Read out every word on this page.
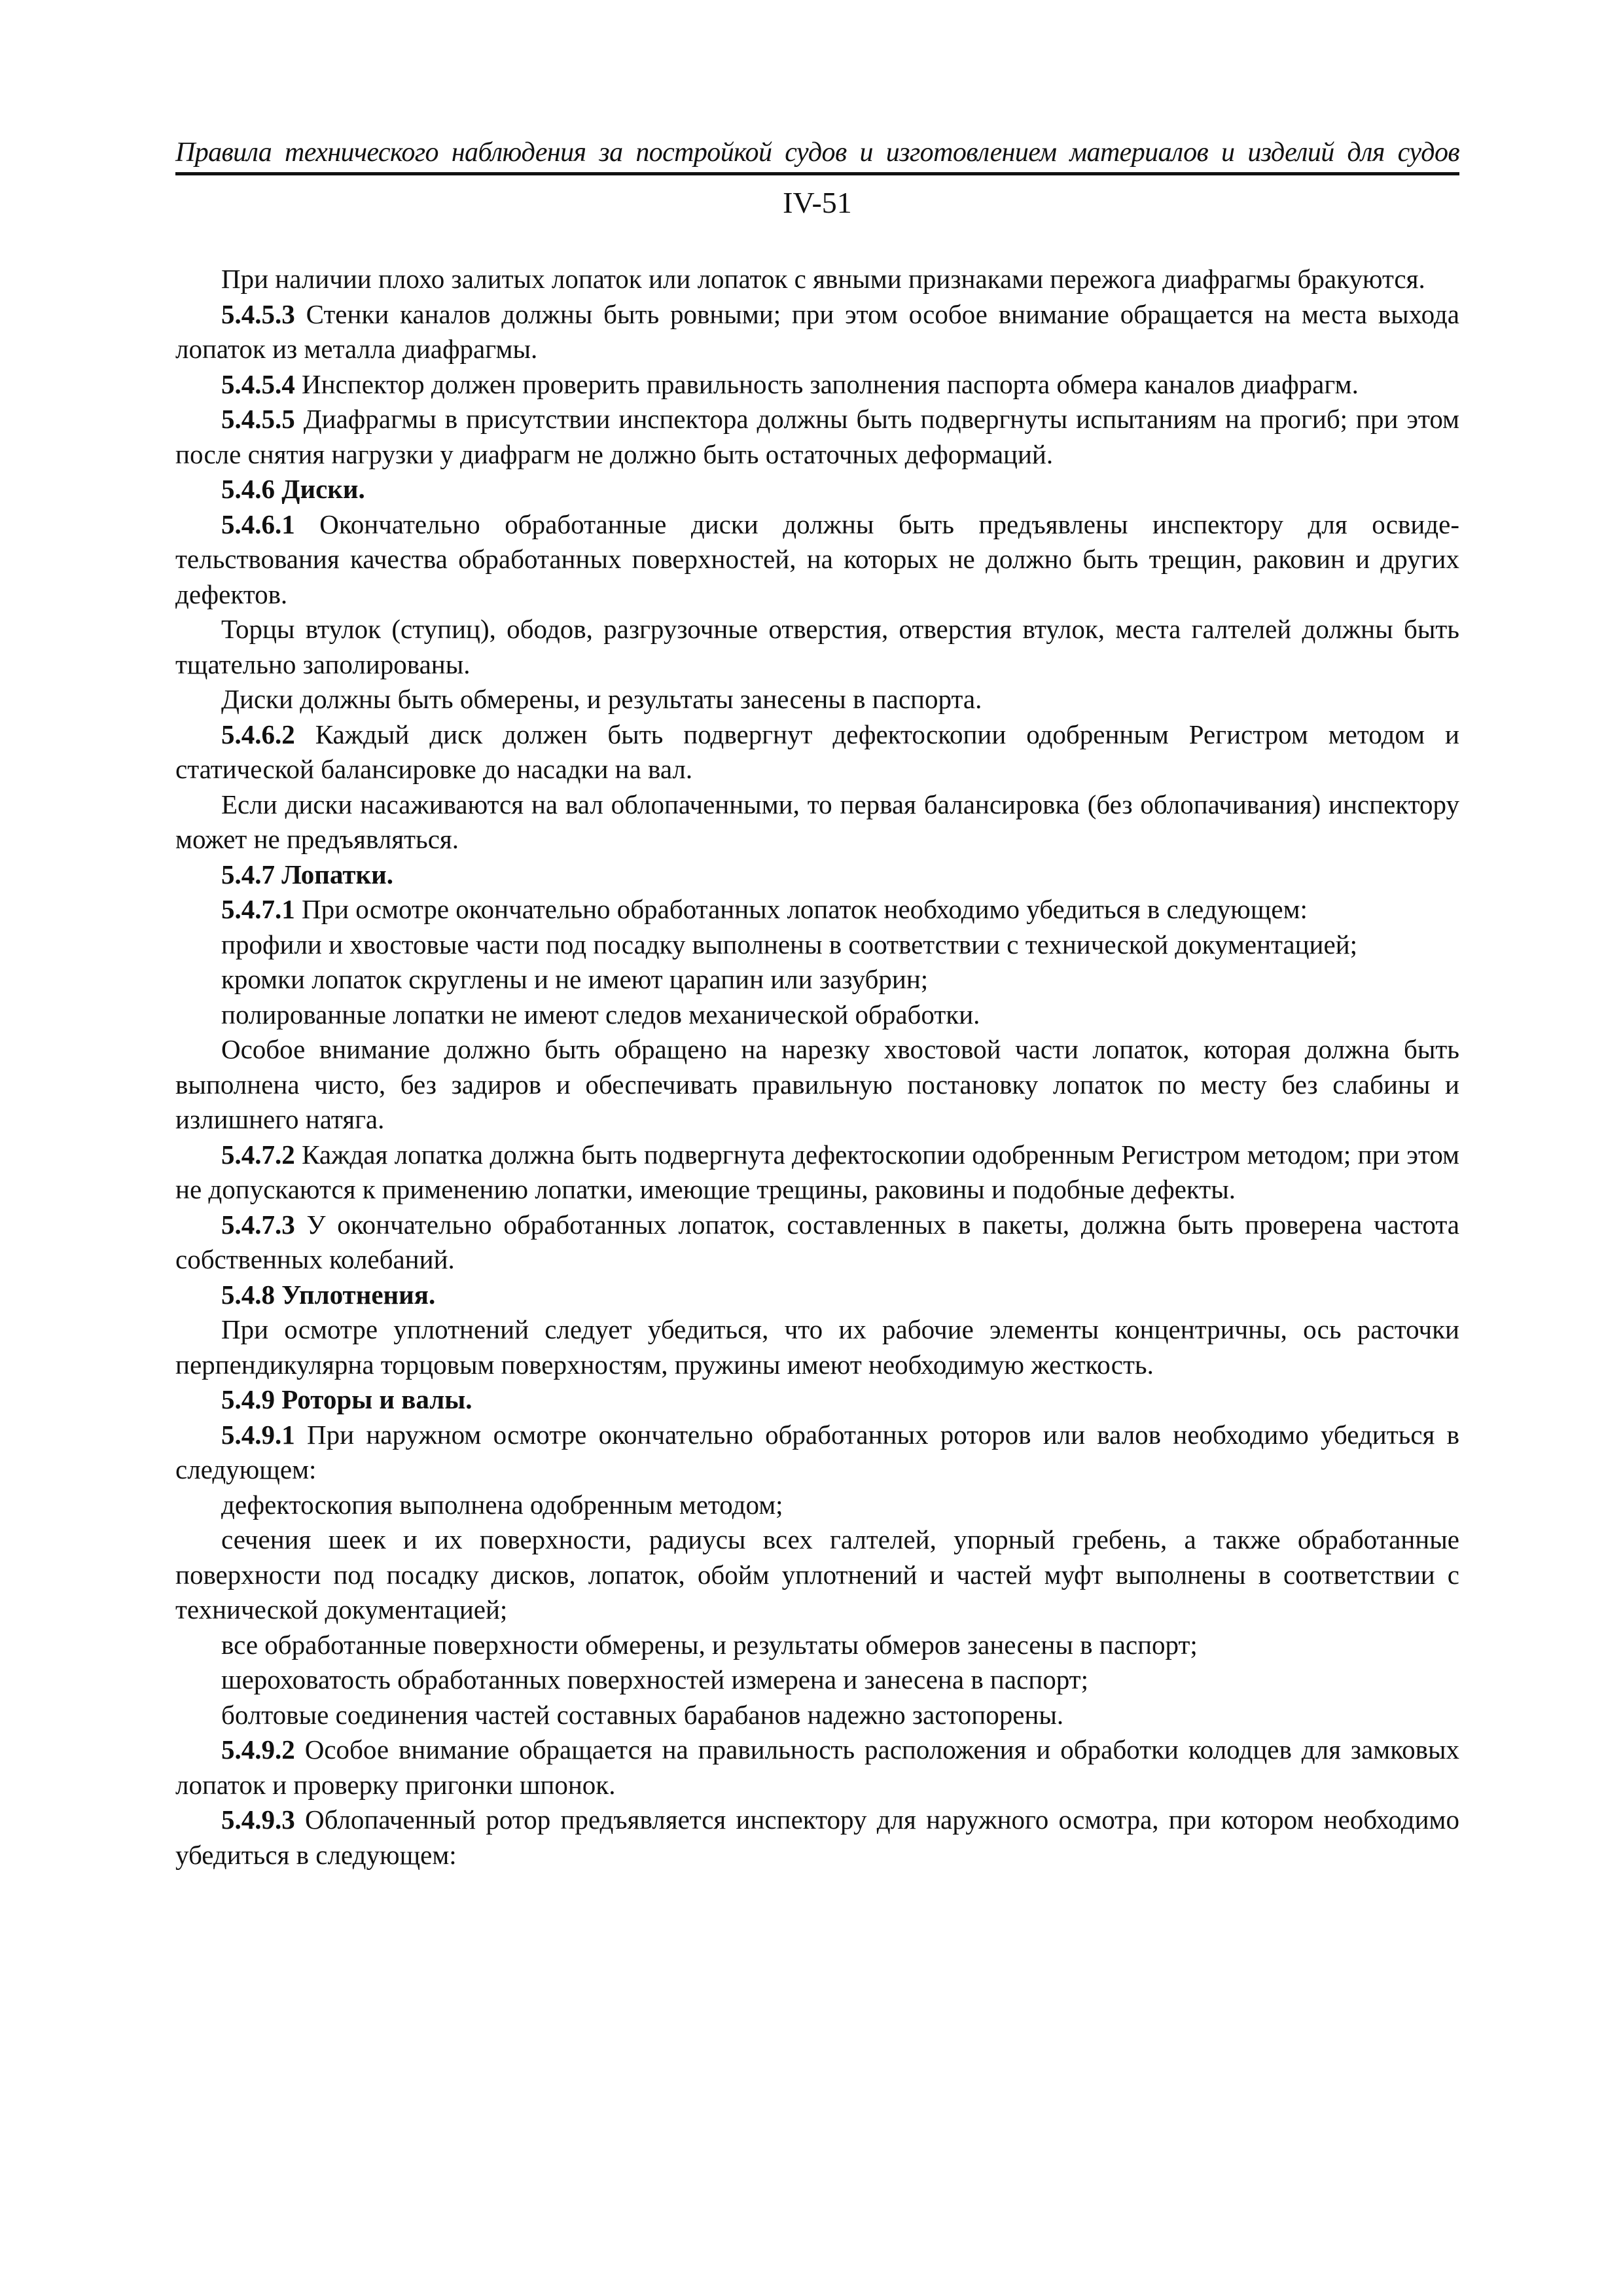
Правила технического наблюдения за постройкой судов и изготовлением материалов и изделий для судов
IV-51

При наличии плохо залитых лопаток или лопаток с явными признаками пережога диафрагмы бракуются.

5.4.5.3 Стенки каналов должны быть ровными; при этом особое внимание обращается на места выхода лопаток из металла диафрагмы.

5.4.5.4 Инспектор должен проверить правильность заполнения паспорта обмера каналов диафрагм.

5.4.5.5 Диафрагмы в присутствии инспектора должны быть подвергнуты испытаниям на прогиб; при этом после снятия нагрузки у диафрагм не должно быть остаточных деформаций.

5.4.6 Диски.

5.4.6.1 Окончательно обработанные диски должны быть предъявлены инспектору для освиде-тельствования качества обработанных поверхностей, на которых не должно быть трещин, раковин и других дефектов.

Торцы втулок (ступиц), ободов, разгрузочные отверстия, отверстия втулок, места галтелей должны быть тщательно заполированы.

Диски должны быть обмерены, и результаты занесены в паспорта.

5.4.6.2 Каждый диск должен быть подвергнут дефектоскопии одобренным Регистром методом и статической балансировке до насадки на вал.

Если диски насаживаются на вал облопаченными, то первая балансировка (без облопачивания) инспектору может не предъявляться.

5.4.7 Лопатки.

5.4.7.1 При осмотре окончательно обработанных лопаток необходимо убедиться в следующем:

профили и хвостовые части под посадку выполнены в соответствии с технической документацией;

кромки лопаток скруглены и не имеют царапин или зазубрин;

полированные лопатки не имеют следов механической обработки.

Особое внимание должно быть обращено на нарезку хвостовой части лопаток, которая должна быть выполнена чисто, без задиров и обеспечивать правильную постановку лопаток по месту без слабины и излишнего натяга.

5.4.7.2 Каждая лопатка должна быть подвергнута дефектоскопии одобренным Регистром методом; при этом не допускаются к применению лопатки, имеющие трещины, раковины и подобные дефекты.

5.4.7.3 У окончательно обработанных лопаток, составленных в пакеты, должна быть проверена частота собственных колебаний.

5.4.8 Уплотнения.

При осмотре уплотнений следует убедиться, что их рабочие элементы концентричны, ось расточки перпендикулярна торцовым поверхностям, пружины имеют необходимую жесткость.

5.4.9 Роторы и валы.

5.4.9.1 При наружном осмотре окончательно обработанных роторов или валов необходимо убедиться в следующем:

дефектоскопия выполнена одобренным методом;

сечения шеек и их поверхности, радиусы всех галтелей, упорный гребень, а также обработанные поверхности под посадку дисков, лопаток, обойм уплотнений и частей муфт выполнены в соответствии с технической документацией;

все обработанные поверхности обмерены, и результаты обмеров занесены в паспорт;

шероховатость обработанных поверхностей измерена и занесена в паспорт;

болтовые соединения частей составных барабанов надежно застопорены.

5.4.9.2 Особое внимание обращается на правильность расположения и обработки колодцев для замковых лопаток и проверку пригонки шпонок.

5.4.9.3 Облопаченный ротор предъявляется инспектору для наружного осмотра, при котором необходимо убедиться в следующем:
